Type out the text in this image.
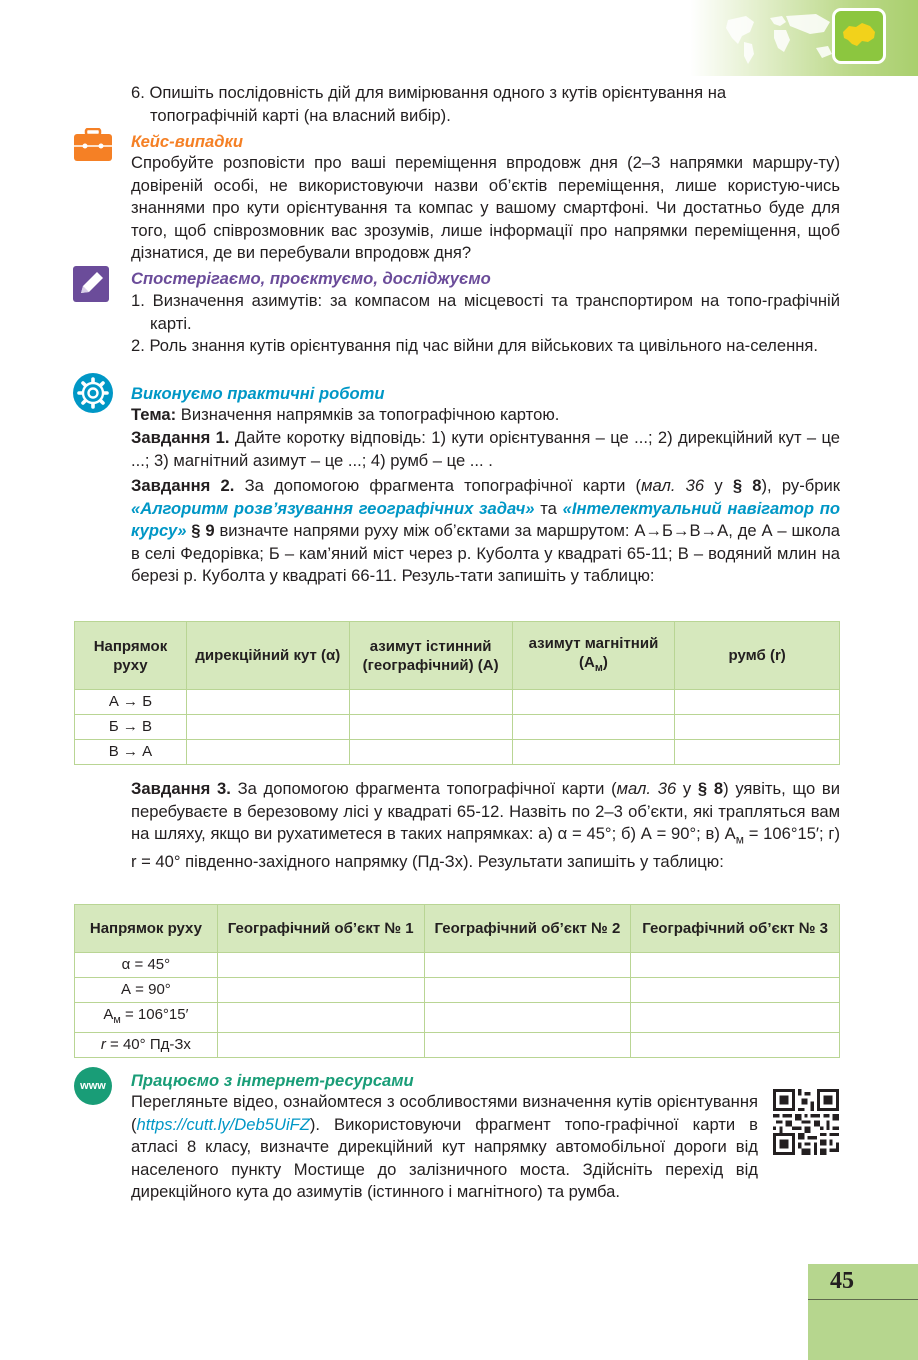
6. Опишіть послідовність дій для вимірювання одного з кутів орієнтування на
топографічній карті (на власний вибір).
Кейс-випадки
Спробуйте розповісти про ваші переміщення впродовж дня (2–3 напрямки маршру-ту) довіреній особі, не використовуючи назви об’єктів переміщення, лише користую-чись знаннями про кути орієнтування та компас у вашому смартфоні. Чи достатньо буде для того, щоб співрозмовник вас зрозумів, лише інформації про напрямки переміщення, щоб дізнатися, де ви перебували впродовж дня?
Спостерігаємо, проєктуємо, досліджуємо
1. Визначення азимутів: за компасом на місцевості та транспортиром на топо-графічній карті.
2. Роль знання кутів орієнтування під час війни для військових та цивільного на-селення.
Виконуємо практичні роботи
Тема: Визначення напрямків за топографічною картою.
Завдання 1. Дайте коротку відповідь: 1) кути орієнтування – це ...; 2) дирекційний кут – це ...; 3) магнітний азимут – це ...; 4) румб – це ... .
Завдання 2. За допомогою фрагмента топографічної карти (мал. 36 у § 8), ру-брик «Алгоритм розв’язування географічних задач» та «Інтелектуальний навігатор по курсу» § 9 визначте напрями руху між об’єктами за маршрутом: А→Б→В→А, де А – школа в селі Федорівка; Б – кам’яний міст через р. Куболта у квадраті 65-11; В – водяний млин на березі р. Куболта у квадраті 66-11. Резуль-тати запишіть у таблицю:
Напрямок руху	дирекційний кут (α)	азимут істинний (географічний) (А)	азимут магнітний $(А_м)$	румб (r)
А → Б				
Б → В				
В → А				
Завдання 3. За допомогою фрагмента топографічної карти (мал. 36 у § 8) уявіть, що ви перебуваєте в березовому лісі у квадраті 65-12. Назвіть по 2–3 об’єкти, які трапляться вам на шляху, якщо ви рухатиметеся в таких напрямках: а) α = 45°; б) А = 90°; в) $А_м = 106^\circ 15'$; г) r = 40° південно-західного напрямку (Пд-Зх). Результати запишіть у таблицю:
Напрямок руху	Географічний об’єкт № 1	Географічний об’єкт № 2	Географічний об’єкт № 3
α = 45°			
А = 90°			
$А_м = 106^\circ 15'$			
r = 40° Пд-Зх			
www	Працюємо з інтернет-ресурсами
Перегляньте відео, ознайомтеся з особливостями визначення кутів орієнтування (https://cutt.ly/Deb5UiFZ). Використовуючи фрагмент топо-графічної карти в атласі 8 класу, визначте дирекційний кут напрямку автомобільної дороги від населеного пункту Мостище до залізничного моста. Здійсніть перехід від дирекційного кута до азимутів (істинного і магнітного) та румба.
45
